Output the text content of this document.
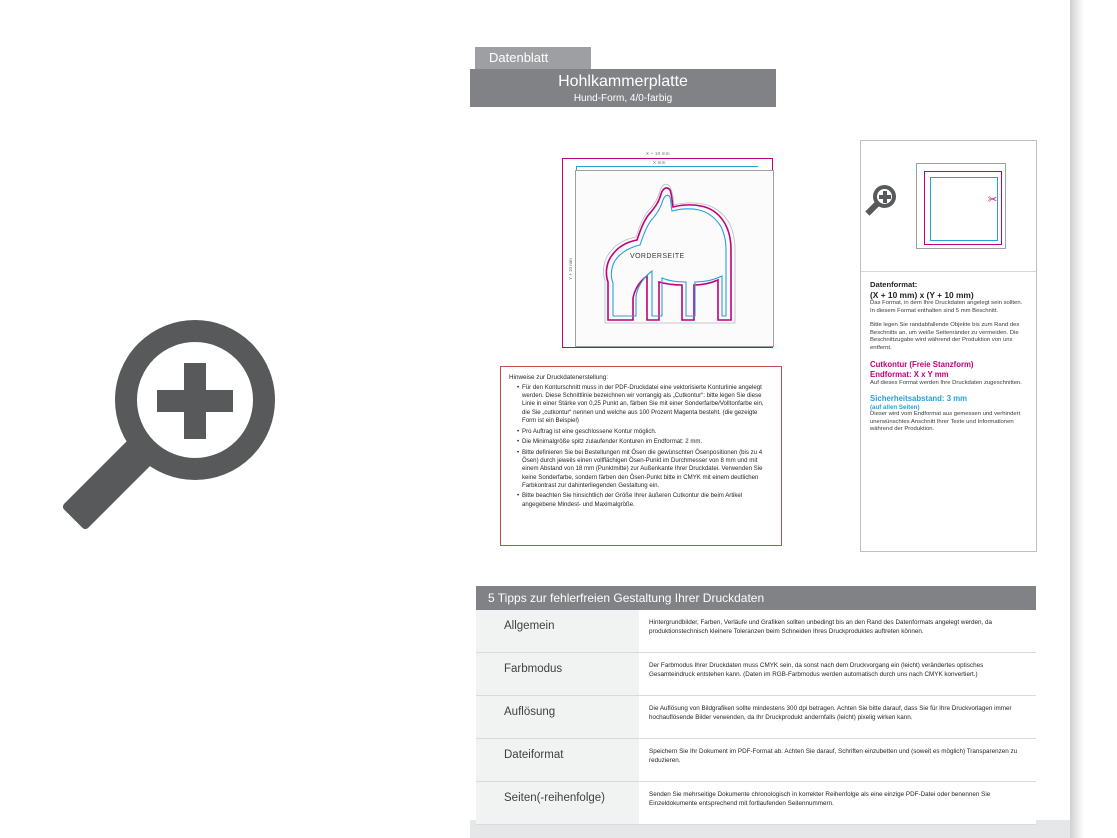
Datenblatt
Hohlkammerplatte
Hund-Form, 4/0-farbig
X + 10 mm
X mm
Y + 10 mm
VORDERSEITE
Hinweise zur Druckdatenerstellung:
• Für den Konturschnitt muss in der PDF-Druckdatei eine vektorisierte Konturlinie angelegt werden. Diese Schnittlinie bezeichnen wir vorrangig als „Cutkontur“: bitte legen Sie diese Linie in einer Stärke von 0,25 Punkt an, färben Sie mit einer Sonderfarbe/Volltonfarbe ein, die Sie „cutkontur“ nennen und welche aus 100 Prozent Magenta besteht. (die gezeigte Form ist ein Beispiel)
• Pro Auftrag ist eine geschlossene Kontur möglich.
• Die Minimalgröße spitz zulaufender Konturen im Endformat: 2 mm.
• Bitte definieren Sie bei Bestellungen mit Ösen die gewünschten Ösenpositionen (bis zu 4 Ösen) durch jeweils einen vollflächigen Ösen-Punkt im Durchmesser von 8 mm und mit einem Abstand von 18 mm (Punktmitte) zur Außenkante Ihrer Druckdatei. Verwenden Sie keine Sonderfarbe, sondern färben den Ösen-Punkt bitte in CMYK mit einem deutlichen Farbkontrast zur dahinterliegenden Gestaltung ein.
• Bitte beachten Sie hinsichtlich der Größe Ihrer äußeren Cutkontur die beim Artikel angegebene Mindest- und Maximalgröße.
✂
Datenformat:
(X + 10 mm) x (Y + 10 mm)

Das Format, in dem Ihre Druckdaten angelegt sein sollten. In diesem Format enthalten sind 5 mm Beschnitt.

Bitte legen Sie randabfallende Objekte bis zum Rand des Beschnitts an, um weiße Seitenränder zu vermeiden. Die Beschnittzugabe wird während der Produktion von uns entfernt.

Cutkontur (Freie Stanzform)
Endformat: X x Y mm

Auf dieses Format werden Ihre Druckdaten zugeschnitten.

Sicherheitsabstand: 3 mm
(auf allen Seiten)

Dieser wird vom Endformat aus gemessen und verhindert unerwünschtes Anschnitt Ihrer Texte und Informationen während der Produktion.

5 Tipps zur fehlerfreien Gestaltung Ihrer Druckdaten
Allgemein	Hintergrundbilder, Farben, Verläufe und Grafiken sollten unbedingt bis an den Rand des Datenformats angelegt werden, da produktionstechnisch kleinere Toleranzen beim Schneiden Ihres Druckproduktes auftreten können.
Farbmodus	Der Farbmodus Ihrer Druckdaten muss CMYK sein, da sonst nach dem Druckvorgang ein (leicht) verändertes optisches Gesamteindruck entstehen kann. (Daten im RGB-Farbmodus werden automatisch durch uns nach CMYK konvertiert.)
Auflösung	Die Auflösung von Bildgrafiken sollte mindestens 300 dpi betragen. Achten Sie bitte darauf, dass Sie für Ihre Druckvorlagen immer hochauflösende Bilder verwenden, da Ihr Druckprodukt andernfalls (leicht) pixelig wirken kann.
Dateiformat	Speichern Sie Ihr Dokument im PDF-Format ab. Achten Sie darauf, Schriften einzubetten und (soweit es möglich) Transparenzen zu reduzieren.
Seiten(-reihenfolge)	Senden Sie mehrseitige Dokumente chronologisch in korrekter Reihenfolge als eine einzige PDF-Datei oder benennen Sie Einzeldokumente entsprechend mit fortlaufenden Seitennummern.
